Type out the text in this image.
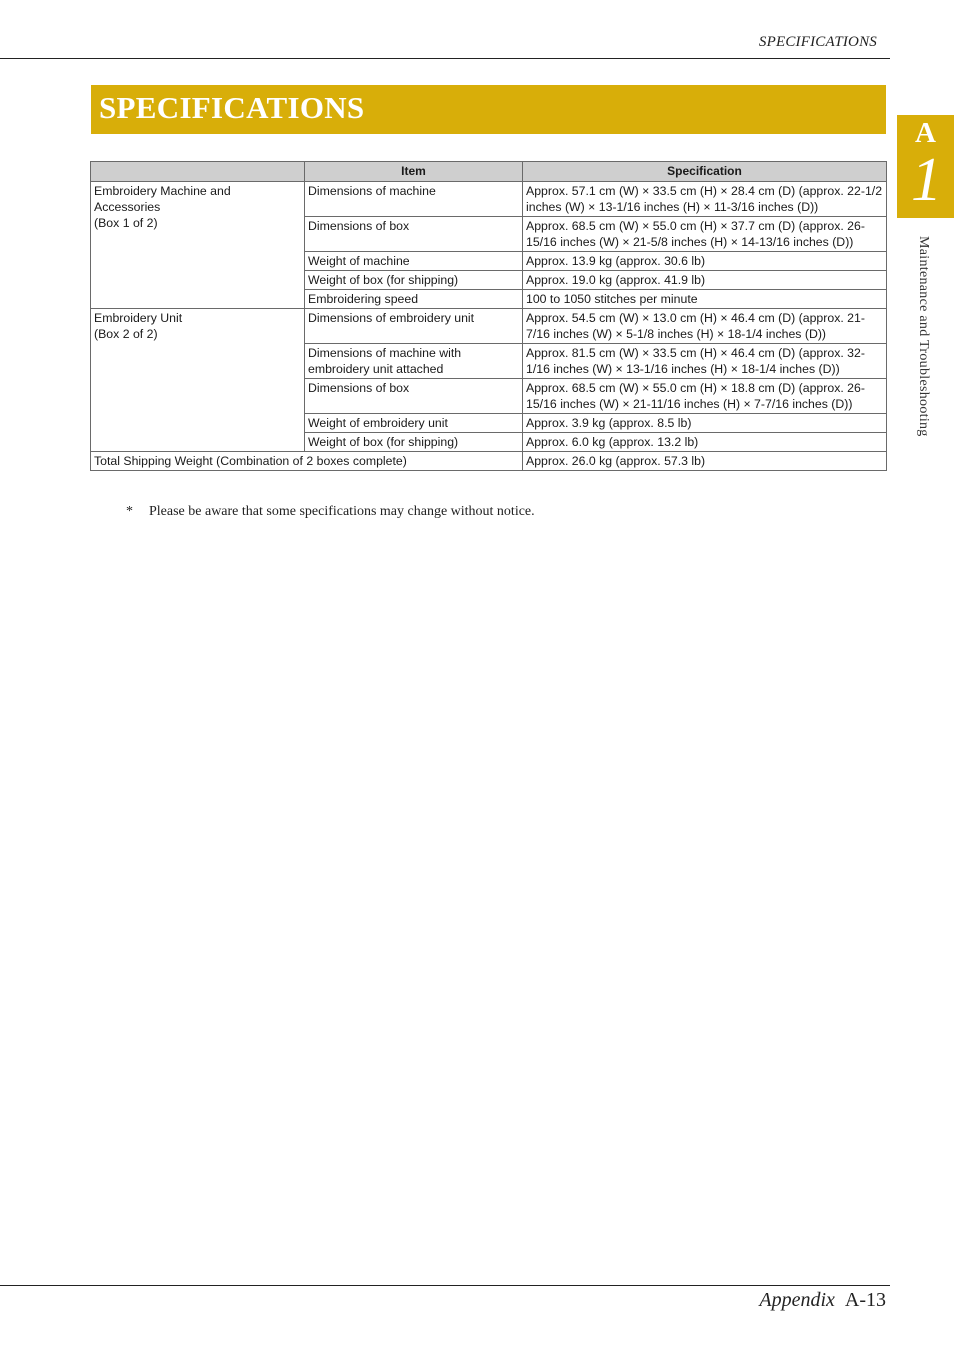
SPECIFICATIONS
SPECIFICATIONS
A
1
Maintenance and Troubleshooting
	Item	Specification

Embroidery Machine and
Accessories
(Box 1 of 2)	Dimensions of machine	Approx. 57.1 cm (W) × 33.5 cm (H) × 28.4 cm (D) (approx. 22-1/2 inches (W) × 13-1/16 inches (H) × 11-3/16 inches (D))
	Dimensions of box	Approx. 68.5 cm (W) × 55.0 cm (H) × 37.7 cm (D) (approx. 26-15/16 inches (W) × 21-5/8 inches (H) × 14-13/16 inches (D))
	Weight of machine	Approx. 13.9 kg (approx. 30.6 lb)
	Weight of box (for shipping)	Approx. 19.0 kg (approx. 41.9 lb)
	Embroidering speed	100 to 1050 stitches per minute

Embroidery Unit
(Box 2 of 2)	Dimensions of embroidery unit	Approx. 54.5 cm (W) × 13.0 cm (H) × 46.4 cm (D) (approx. 21-7/16 inches (W) × 5-1/8 inches (H) × 18-1/4 inches (D))
	Dimensions of machine with embroidery unit attached	Approx. 81.5 cm (W) × 33.5 cm (H) × 46.4 cm (D) (approx. 32-1/16 inches (W) × 13-1/16 inches (H) × 18-1/4 inches (D))
	Dimensions of box	Approx. 68.5 cm (W) × 55.0 cm (H) × 18.8 cm (D) (approx. 26-15/16 inches (W) × 21-11/16 inches (H) × 7-7/16 inches (D))
	Weight of embroidery unit	Approx. 3.9 kg (approx. 8.5 lb)
	Weight of box (for shipping)	Approx. 6.0 kg (approx. 13.2 lb)
Total Shipping Weight (Combination of 2 boxes complete)		Approx. 26.0 kg (approx. 57.3 lb)
* Please be aware that some specifications may change without notice.
Appendix A-13
